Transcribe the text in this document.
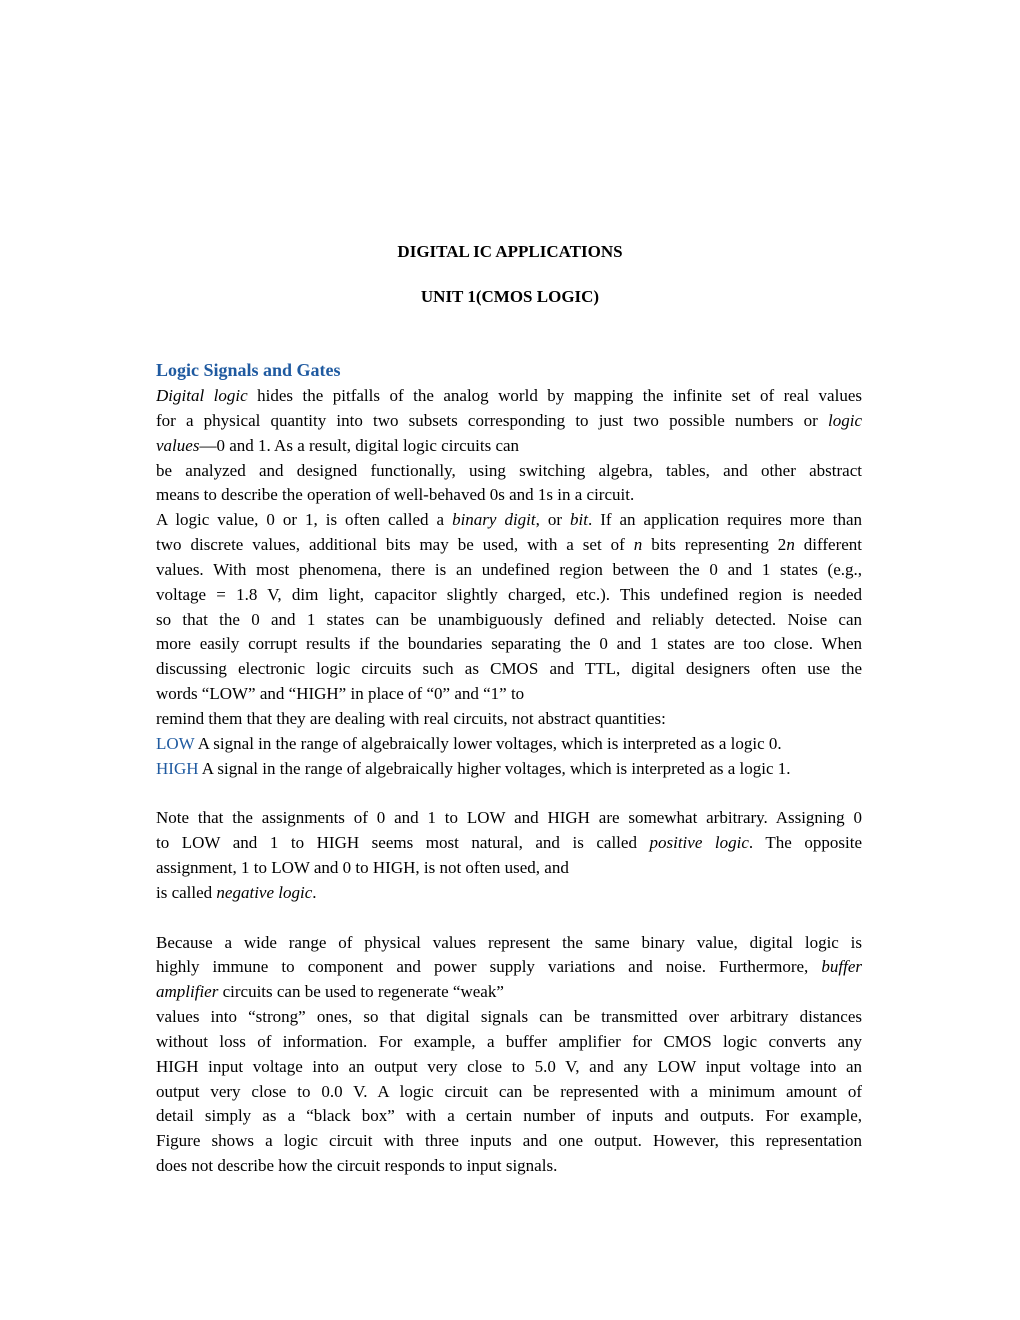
DIGITAL IC APPLICATIONS
UNIT 1(CMOS LOGIC)
Logic Signals and Gates
Digital logic hides the pitfalls of the analog world by mapping the infinite set of real values
for a physical quantity into two subsets corresponding to just two possible numbers or logic
values—0 and 1. As a result, digital logic circuits can
be analyzed and designed functionally, using switching algebra, tables, and other abstract
means to describe the operation of well-behaved 0s and 1s in a circuit.
A logic value, 0 or 1, is often called a binary digit, or bit. If an application requires more than
two discrete values, additional bits may be used, with a set of n bits representing 2n different
values. With most phenomena, there is an undefined region between the 0 and 1 states (e.g.,
voltage = 1.8 V, dim light, capacitor slightly charged, etc.). This undefined region is needed
so that the 0 and 1 states can be unambiguously defined and reliably detected. Noise can
more easily corrupt results if the boundaries separating the 0 and 1 states are too close. When
discussing electronic logic circuits such as CMOS and TTL, digital designers often use the
words “LOW” and “HIGH” in place of “0” and “1” to
remind them that they are dealing with real circuits, not abstract quantities:
LOW A signal in the range of algebraically lower voltages, which is interpreted as a logic 0.
HIGH A signal in the range of algebraically higher voltages, which is interpreted as a logic 1.
Note that the assignments of 0 and 1 to LOW and HIGH are somewhat arbitrary. Assigning 0
to LOW and 1 to HIGH seems most natural, and is called positive logic. The opposite
assignment, 1 to LOW and 0 to HIGH, is not often used, and
is called negative logic.
Because a wide range of physical values represent the same binary value, digital logic is
highly immune to component and power supply variations and noise. Furthermore, buffer
amplifier circuits can be used to regenerate “weak”
values into “strong” ones, so that digital signals can be transmitted over arbitrary distances
without loss of information. For example, a buffer amplifier for CMOS logic converts any
HIGH input voltage into an output very close to 5.0 V, and any LOW input voltage into an
output very close to 0.0 V. A logic circuit can be represented with a minimum amount of
detail simply as a “black box” with a certain number of inputs and outputs. For example,
Figure shows a logic circuit with three inputs and one output. However, this representation
does not describe how the circuit responds to input signals.
